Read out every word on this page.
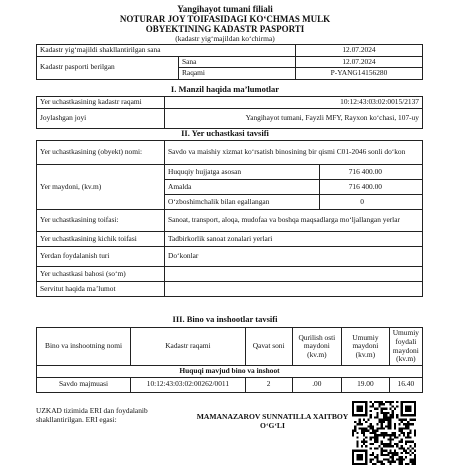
Yangihayot tumani filiali
NOTURAR JOY TOIFASIDAGI KO‘CHMAS MULK
OBYEKTINING KADASTR PASPORTI
(kadastr yig‘majildan ko‘chirma)
Kadastr yig‘majildi shakllantirilgan sana		12.07.2024
Kadastr pasporti berilgan	Sana	12.07.2024
	Raqami	P-YANG14156280
I. Manzil haqida ma’lumotlar
Yer uchastkasining kadastr raqami	10:12:43:03:02:0015/2137
Joylashgan joyi	Yangihayot tumani, Fayzli MFY, Rayxon ko‘chasi, 107-uy
II. Yer uchastkasi tavsifi
Yer uchastkasining (obyekt) nomi:	Savdo va maishiy xizmat ko‘rsatish binosining bir qismi C01-2046 sonli do‘kon	
Yer maydoni, (kv.m)	Huquqiy hujjatga asosan	716 400.00
	Amalda	716 400.00
	O‘zboshimchalik bilan egallangan	0
Yer uchastkasining toifasi:	Sanoat, transport, aloqa, mudofaa va boshqa maqsadlarga mo‘ljallangan yerlar	
Yer uchastkasining kichik toifasi	Tadbirkorlik sanoat zonalari yerlari	
Yerdan foydalanish turi	Do‘konlar	
Yer uchastkasi bahosi (so‘m)		
Servitut haqida ma’lumot		
III. Bino va inshootlar tavsifi
Bino va inshootning nomi	Kadastr raqami	Qavat soni	Qurilish osti maydoni (kv.m)	Umumiy maydoni (kv.m)	Umumiy foydali maydoni (kv.m)
Huquqi mavjud bino va inshoot					
Savdo majmuasi	10:12:43:03:02:00262/0011	2	.00	19.00	16.40
UZKAD tizimida ERI dan foydalanib shakllantirilgan. ERI egasi:	MAMANAZAROV SUNNATILLA XAITBOY O‘G‘LI
